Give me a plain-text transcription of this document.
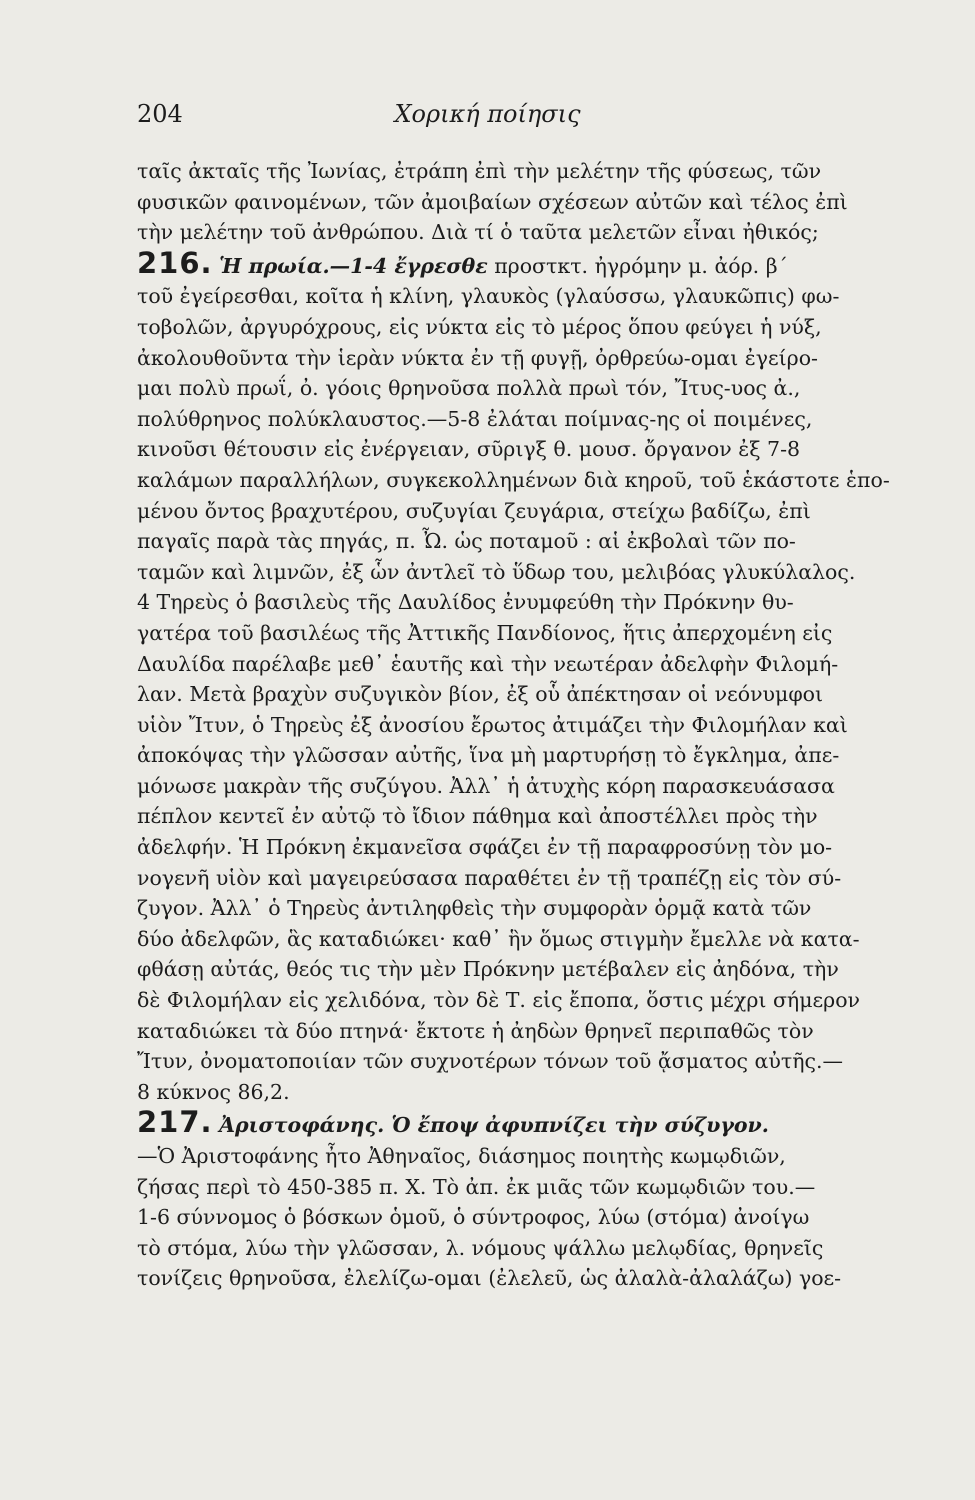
Χορική ποίησις
204

ταῖς ἀκταῖς τῆς Ἰωνίας, ἐτράπη ἐπὶ τὴν μελέτην τῆς φύσεως, τῶν
φυσικῶν φαινομένων, τῶν ἀμοιβαίων σχέσεων αὐτῶν καὶ τέλος ἐπὶ
τὴν μελέτην τοῦ ἀνθρώπου. Διὰ τί ὁ ταῦτα μελετῶν εἶναι ἠθικός;

216. Ἡ πρωία.—1-4 ἔγρεσθε προστκτ. ἠγρόμην μ. ἀόρ. β΄
τοῦ ἐγείρεσθαι, κοῖτα ἡ κλίνη, γλαυκὸς (γλαύσσω, γλαυκῶπις) φω-
τοβολῶν, ἀργυρόχρους, εἰς νύκτα εἰς τὸ μέρος ὅπου φεύγει ἡ νύξ,
ἀκολουθοῦντα τὴν ἱερὰν νύκτα ἐν τῇ φυγῇ, ὀρθρεύω-ομαι ἐγείρο-
μαι πολὺ πρωΐ, ὀ. γόοις θρηνοῦσα πολλὰ πρωὶ τόν, Ἴτυς-υος ἀ.,
πολύθρηνος πολύκλαυστος.—5-8 ἐλάται ποίμνας-ης οἱ ποιμένες,
κινοῦσι θέτουσιν εἰς ἐνέργειαν, σῦριγξ θ. μουσ. ὄργανον ἐξ 7-8
καλάμων παραλλήλων, συγκεκολλημένων διὰ κηροῦ, τοῦ ἑκάστοτε ἑπο-
μένου ὄντος βραχυτέρου, συζυγίαι ζευγάρια, στείχω βαδίζω, ἐπὶ
παγαῖς παρὰ τὰς πηγάς, π. Ὦ. ὡς ποταμοῦ : αἱ ἐκβολαὶ τῶν πο-
ταμῶν καὶ λιμνῶν, ἐξ ὧν ἀντλεῖ τὸ ὕδωρ του, μελιβόας γλυκύλαλος.

4 Τηρεὺς ὁ βασιλεὺς τῆς Δαυλίδος ἐνυμφεύθη τὴν Πρόκνην θυ-
γατέρα τοῦ βασιλέως τῆς Ἀττικῆς Πανδίονος, ἥτις ἀπερχομένη εἰς
Δαυλίδα παρέλαβε μεθ᾽ ἑαυτῆς καὶ τὴν νεωτέραν ἀδελφὴν Φιλομή-
λαν. Μετὰ βραχὺν συζυγικὸν βίον, ἐξ οὗ ἀπέκτησαν οἱ νεόνυμφοι
υἱὸν Ἴτυν, ὁ Τηρεὺς ἐξ ἀνοσίου ἔρωτος ἀτιμάζει τὴν Φιλομήλαν καὶ
ἀποκόψας τὴν γλῶσσαν αὐτῆς, ἵνα μὴ μαρτυρήσῃ τὸ ἔγκλημα, ἀπε-
μόνωσε μακρὰν τῆς συζύγου. Ἀλλ᾽ ἡ ἀτυχὴς κόρη παρασκευάσασα
πέπλον κεντεῖ ἐν αὐτῷ τὸ ἴδιον πάθημα καὶ ἀποστέλλει πρὸς τὴν
ἀδελφήν. Ἡ Πρόκνη ἐκμανεῖσα σφάζει ἐν τῇ παραφροσύνῃ τὸν μο-
νογενῆ υἱὸν καὶ μαγειρεύσασα παραθέτει ἐν τῇ τραπέζῃ εἰς τὸν σύ-
ζυγον. Ἀλλ᾽ ὁ Τηρεὺς ἀντιληφθεὶς τὴν συμφορὰν ὁρμᾷ κατὰ τῶν
δύο ἀδελφῶν, ἃς καταδιώκει· καθ᾽ ἣν ὅμως στιγμὴν ἔμελλε νὰ κατα-
φθάσῃ αὐτάς, θεός τις τὴν μὲν Πρόκνην μετέβαλεν εἰς ἀηδόνα, τὴν
δὲ Φιλομήλαν εἰς χελιδόνα, τὸν δὲ Τ. εἰς ἔποπα, ὅστις μέχρι σήμερον
καταδιώκει τὰ δύο πτηνά· ἔκτοτε ἡ ἀηδὼν θρηνεῖ περιπαθῶς τὸν
Ἴτυν, ὀνοματοποιίαν τῶν συχνοτέρων τόνων τοῦ ᾄσματος αὐτῆς.—
8 κύκνος 86,2.

217. Ἀριστοφάνης. Ὁ ἔποψ ἀφυπνίζει τὴν σύζυγον.
—Ὁ Ἀριστοφάνης ἦτο Ἀθηναῖος, διάσημος ποιητὴς κωμῳδιῶν,
ζήσας περὶ τὸ 450-385 π. Χ. Τὸ ἀπ. ἐκ μιᾶς τῶν κωμῳδιῶν του.—
1-6 σύννομος ὁ βόσκων ὁμοῦ, ὁ σύντροφος, λύω (στόμα) ἀνοίγω
τὸ στόμα, λύω τὴν γλῶσσαν, λ. νόμους ψάλλω μελῳδίας, θρηνεῖς
τονίζεις θρηνοῦσα, ἐλελίζω-ομαι (ἐλελεῦ, ὡς ἀλαλὰ-ἀλαλάζω) γοε-
